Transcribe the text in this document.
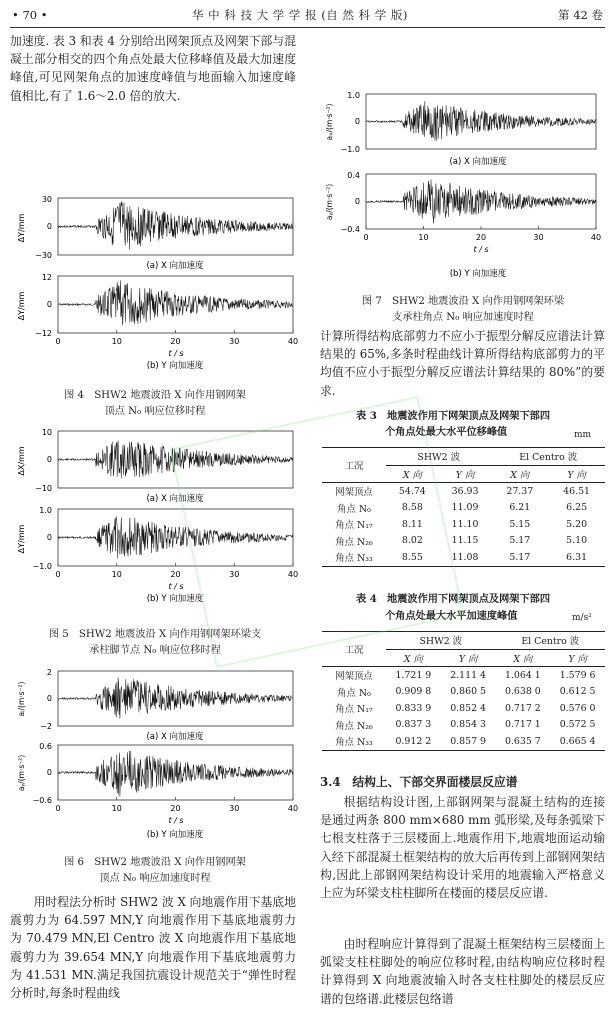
• 70 •	华 中 科 技 大 学 学 报 (自 然 科 学 版)	第 42 卷
加速度. 表 3 和表 4 分别给出网架顶点及网架下部与混凝土部分相交的四个角点处最大位移峰值及最大加速度峰值,可见网架角点的加速度峰值与地面输入加速度峰值相比,有了 1.6～2.0 倍的放大.
30
0
−30
ΔY/mm
(a) X 向加速度
12
0
−12
ΔY/mm
0	10	20	30	40
t / s
(b) Y 向加速度
图 4　SHW2 地震波沿 X 向作用钢网架
顶点 N₀ 响应位移时程
10
0
−10
ΔX/mm
(a) X 向加速度
1.0
0
−1.0
ΔY/mm
0	10	20	30	40
t / s
(b) Y 向加速度
图 5　SHW2 地震波沿 X 向作用钢网架环梁支
承柱脚节点 N₀ 响应位移时程
2
0
−2
aᵢ/(m·s⁻²)
(a) X 向加速度
0.6
0
−0.6
aᵧ/(m·s⁻²)
0	10	20	30	40
t / s
(b) Y 向加速度
图 6　SHW2 地震波沿 X 向作用钢网架
顶点 N₀ 响应加速度时程
用时程法分析时 SHW2 波 X 向地震作用下基底地震剪力为 64.597 MN,Y 向地震作用下基底地震剪力为 70.479 MN,El Centro 波 X 向地震作用下基底地震剪力为 39.654 MN,Y 向地震作用下基底地震剪力为 41.531 MN.满足我国抗震设计规范关于“弹性时程分析时,每条时程曲线
1.0
0
−1.0
aₓ/(m·s⁻²)
(a) X 向加速度
0.4
0
−0.4
aᵧ/(m·s⁻²)
0	10	20	30	40
t / s
(b) Y 向加速度
图 7　SHW2 地震波沿 X 向作用钢网架环梁
支承柱角点 N₀ 响应加速度时程
计算所得结构底部剪力不应小于振型分解反应谱法计算结果的 65%,多条时程曲线计算所得结构底部剪力的平均值不应小于振型分解反应谱法计算结果的 80%”的要求.
表 3　地震波作用下网架顶点及网架下部四
个角点处最大水平位移峰值	mm
工况	SHW2 波		El Centro 波	
	X 向	Y 向	X 向	Y 向
网架顶点	54.74	36.93	27.37	46.51
角点 N₀	8.58	11.09	6.21	6.25
角点 N₁₇	8.11	11.10	5.15	5.20
角点 N₂₆	8.02	11.15	5.17	5.10
角点 N₃₃	8.55	11.08	5.17	6.31
表 4　地震波作用下网架顶点及网架下部四
个角点处最大水平加速度峰值	m/s²
工况	SHW2 波		El Centro 波	
	X 向	Y 向	X 向	Y 向
网架顶点	1.721 9	2.111 4	1.064 1	1.579 6
角点 N₀	0.909 8	0.860 5	0.638 0	0.612 5
角点 N₁₇	0.833 9	0.852 4	0.717 2	0.576 0
角点 N₂₆	0.837 3	0.854 3	0.717 1	0.572 5
角点 N₃₃	0.912 2	0.857 9	0.635 7	0.665 4
3.4　结构上、下部交界面楼层反应谱
根据结构设计图,上部钢网架与混凝土结构的连接是通过两条 800 mm×680 mm 弧形梁,及每条弧梁下七根支柱落于三层楼面上.地震作用下,地震地面运动输入经下部混凝土框架结构的放大后再传到上部钢网架结构,因此上部钢网架结构设计采用的地震输入严格意义上应为环梁支柱柱脚所在楼面的楼层反应谱.
由时程响应计算得到了混凝土框架结构三层楼面上弧梁支柱柱脚处的响应位移时程,由结构响应位移时程计算得到 X 向地震波输入时各支柱柱脚处的楼层反应谱的包络谱.此楼层包络谱
